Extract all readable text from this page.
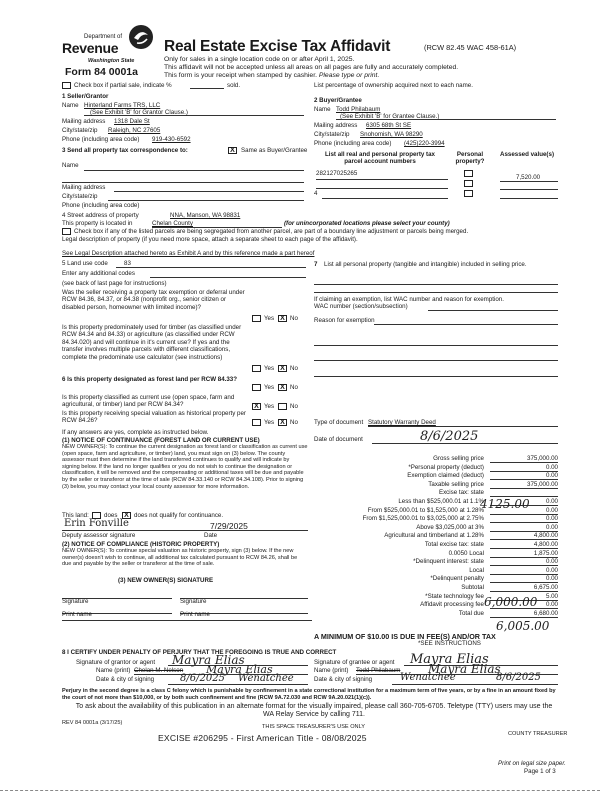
Department of
Revenue
Washington State
Form 84 0001a
Real Estate Excise Tax Affidavit	(RCW 82.45 WAC 458-61A)
Only for sales in a single location code on or after April 1, 2025.
This affidavit will not be accepted unless all areas on all pages are fully and accurately completed.
This form is your receipt when stamped by cashier. Please type or print.
Check box if partial sale, indicate %	sold.	List percentage of ownership acquired next to each name.
1 Seller/Grantor
Name Hinterland Farms TRS, LLC
(See Exhibit 'B' for Grantor Clause.)
Mailing address 1318 Dale St
City/state/zip Raleigh, NC 27605
Phone (including area code) 919-430-6592
2 Buyer/Grantee
Name Todd Philabaum
(See Exhibit 'B' for Grantee Clause.)
Mailing address 6305 68th St SE
City/state/zip Snohomish, WA 98290
Phone (including area code) (425)220-3994
3 Send all property tax correspondence to:	X Same as Buyer/Grantee
Name
Mailing address
City/state/zip
Phone (including area code)
List all real and personal property tax parcel account numbers
Personal property?
Assessed value(s)
282127025265
7,520.00
4
4 Street address of property	NNA, Manson, WA 98831
This property is located in	Chelan County	(for unincorporated locations please select your county)
Check box if any of the listed parcels are being segregated from another parcel, are part of a boundary line adjustment or parcels being merged.
Legal description of property (if you need more space, attach a separate sheet to each page of the affidavit).
See Legal Description attached hereto as Exhibit A and by this reference made a part hereof
5 Land use code	83
Enter any additional codes
(see back of last page for instructions)
Was the seller receiving a property tax exemption or deferral under RCW 84.36, 84.37, or 84.38 (nonprofit org., senior citizen or disabled person, homeowner with limited income)?
Yes X No
Is this property predominately used for timber (as classified under RCW 84.34 and 84.33) or agriculture (as classified under RCW 84.34.020) and will continue in it's current use? If yes and the transfer involves multiple parcels with different classifications, complete the predominate use calculator (see instructions)
Yes X No
6 Is this property designated as forest land per RCW 84.33?
Yes X No
Is this property classified as current use (open space, farm and agricultural, or timber) land per RCW 84.34?	X Yes	No
Is this property receiving special valuation as historical property per RCW 84.26?	Yes X No
If any answers are yes, complete as instructed below.
(1) NOTICE OF CONTINUANCE (FOREST LAND OR CURRENT USE)
NEW OWNER(S): To continue the current designation as forest land or classification as current use (open space, farm and agriculture, or timber) land, you must sign on (3) below. The county assessor must then determine if the land transferred continues to qualify and will indicate by signing below. If the land no longer qualifies or you do not wish to continue the designation or classification, it will be removed and the compensating or additional taxes will be due and payable by the seller or transferor at the time of sale (RCW 84.33.140 or RCW 84.34.108). Prior to signing (3) below, you may contact your local county assessor for more information.
This land: does X does not qualify for continuance.
Erin Fonville	7/29/2025
Deputy assessor signature	Date
(2) NOTICE OF COMPLIANCE (HISTORIC PROPERTY)
NEW OWNER(S): To continue special valuation as historic property, sign (3) below. If the new owner(s) doesn't wish to continue, all additional tax calculated pursuant to RCW 84.26, shall be due and payable by the seller or transferor at the time of sale.
(3) NEW OWNER(S) SIGNATURE
Signature	Signature
Print name	Print name
7 List all personal property (tangible and intangible) included in selling price.
If claiming an exemption, list WAC number and reason for exemption.
WAC number (section/subsection)
Reason for exemption
Type of document Statutory Warranty Deed
Date of document	8/6/2025
Gross selling price	375,000.00
*Personal property (deduct)	0.00
Exemption claimed (deduct)	0.00
Taxable selling price	375,000.00
Excise tax: state
Less than $525,000.01 at 1.1%	0.00
From $525,000.01 to $1,525,000 at 1.28%	0.00
From $1,525,000.01 to $3,025,000 at 2.75%	0.00
Above $3,025,000 at 3%	0.00
Agricultural and timberland at 1.28%	4,800.00
Total excise tax: state	4,800.00
0.0050 Local	1,875.00
*Delinquent interest: state	0.00
Local	0.00
*Delinquent penalty	0.00
Subtotal	6,675.00
*State technology fee	5.00
Affidavit processing fee	0.00
Total due	6,680.00
4125.00
6,000.00
6,005.00
A MINIMUM OF $10.00 IS DUE IN FEE(S) AND/OR TAX
*SEE INSTRUCTIONS
8 I CERTIFY UNDER PENALTY OF PERJURY THAT THE FOREGOING IS TRUE AND CORRECT
Signature of grantor or agent Mayra Elias
Name (print) Chelan M. Nelson Mayra Elias
Date & city of signing	8/6/2025 Wenatchee
Signature of grantee or agent Mayra Elias
Name (print) Todd Philabaum Mayra Elias
Date & city of signing	Wenatchee	8/6/2025
Perjury in the second degree is a class C felony which is punishable by confinement in a state correctional institution for a maximum term of five years, or by a fine in an amount fixed by the court of not more than $10,000, or by both such confinement and fine (RCW 9A.72.030 and RCW 9A.20.021(1)(c)).
To ask about the availability of this publication in an alternate format for the visually impaired, please call 360-705-6705. Teletype (TTY) users may use the WA Relay Service by calling 711.
REV 84 0001a (3/17/25)
THIS SPACE TREASURER'S USE ONLY
COUNTY TREASURER
EXCISE #206295 - First American Title - 08/08/2025
Print on legal size paper.
Page 1 of 3
